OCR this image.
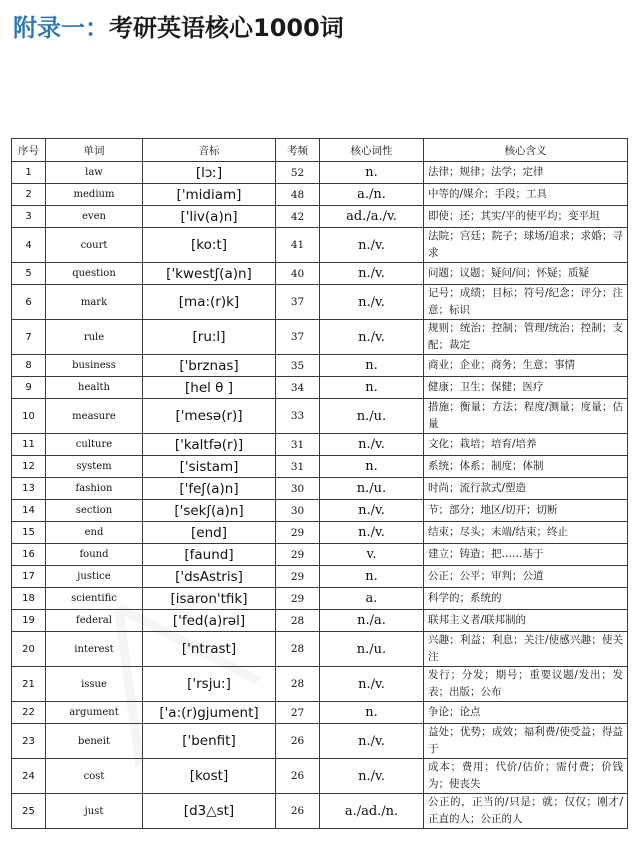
附录一：考研英语核心1000词
序号	单词	音标	考频	核心词性	核心含义
1	law	[lɔː]	52	n.	法律；规律；法学；定律
2	medium	['midiam]	48	a./n.	中等的/媒介；手段；工具
3	even	['liv(a)n]	42	ad./a./v.	即使；还；其实/平的使平均；变平坦
4	court	[ko:t]	41	n./v.	法院；宫廷；院子；球场/追求；求婚；寻求
5	question	['kwestʃ(a)n]	40	n./v.	问题；议题；疑问/问；怀疑；质疑
6	mark	[ma:(r)k]	37	n./v.	记号；成绩；目标；符号/纪念；评分；注意；标识
7	rule	[ru:l]	37	n./v.	规则；统治；控制；管理/统治；控制；支配；裁定
8	business	['brznas]	35	n.	商业；企业；商务；生意；事情
9	health	[hel θ ]	34	n.	健康；卫生；保健；医疗
10	measure	['mesə(r)]	33	n./u.	措施；衡量；方法；程度/测量；度量；估量
11	culture	['kaltfə(r)]	31	n./v.	文化；栽培；培育/培养
12	system	['sistam]	31	n.	系统；体系；制度；体制
13	fashion	['feʃ(a)n]	30	n./u.	时尚；流行款式/塑造
14	section	['sekʃ(a)n]	30	n./v.	节；部分；地区/切开；切断
15	end	[end]	29	n./v.	结束；尽头；末端/结束；终止
16	found	[faund]	29	v.	建立；铸造；把……基于
17	justice	['dsAstris]	29	n.	公正；公平；审判；公道
18	scientific	[isaron'tfik]	29	a.	科学的；系统的
19	federal	['fed(a)rəl]	28	n./a.	联邦主义者/联邦制的
20	interest	['ntrast]	28	n./u.	兴趣；利益；利息；关注/使感兴趣；使关注
21	issue	['rsju:]	28	n./v.	发行；分发；期号；重要议题/发出；发表；出版；公布
22	argument	['a:(r)gjument]	27	n.	争论；论点
23	beneit	['benfit]	26	n./v.	益处；优势；成效；福利费/使受益；得益于
24	cost	[kost]	26	n./v.	成本；费用；代价/估价；需付费；价钱为；使丧失
25	just	[d3△st]	26	a./ad./n.	公正的，正当的/只是；就；仅仅；刚才/正直的人；公正的人
